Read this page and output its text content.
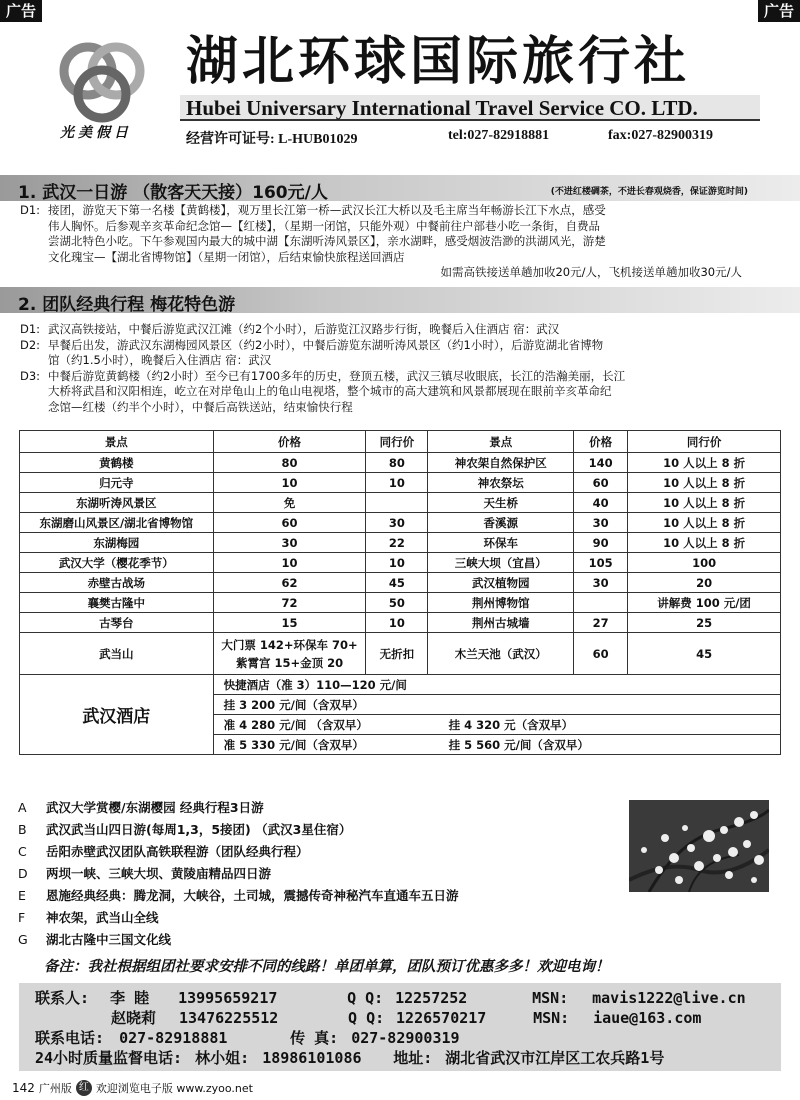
广告	广告
光美假日
湖北环球国际旅行社
Hubei Universary International Travel Service CO. LTD.
经营许可证号: L-HUB01029	tel:027-82918881	fax:027-82900319
1. 武汉一日游 （散客天天接）160元/人	(不进红楼碉茶，不进长春观烧香，保证游览时间)
D1: 接团，游览天下第一名楼【黄鹤楼】，观万里长江第一桥—武汉长江大桥以及毛主席当年畅游长江下水点，感受
伟人胸怀。后参观辛亥革命纪念馆—【红楼】，（星期一闭馆，只能外观）中餐前往户部巷小吃一条街，自费品
尝湖北特色小吃。下午参观国内最大的城中湖【东湖听涛风景区】，亲水湖畔，感受烟波浩渺的洪湖风光，游楚
文化瑰宝—【湖北省博物馆】（星期一闭馆），后结束愉快旅程送回酒店
如需高铁接送单趟加收20元/人，飞机接送单趟加收30元/人
2. 团队经典行程 梅花特色游
D1: 武汉高铁接站，中餐后游览武汉江滩（约2个小时），后游览江汉路步行街，晚餐后入住酒店 宿：武汉
D2: 早餐后出发，游武汉东湖梅园风景区（约2小时），中餐后游览东湖听涛风景区（约1小时），后游览湖北省博物
馆（约1.5小时），晚餐后入住酒店 宿：武汉
D3: 中餐后游览黄鹤楼（约2小时）至今已有1700多年的历史，登顶五楼，武汉三镇尽收眼底，长江的浩瀚美丽，长江
大桥将武昌和汉阳相连，屹立在对岸龟山上的龟山电视塔，整个城市的高大建筑和风景都展现在眼前辛亥革命纪
念馆—红楼（约半个小时），中餐后高铁送站，结束愉快行程
景点	价格	同行价	景点	价格	同行价
黄鹤楼	80	80	神农架自然保护区	140	10 人以上 8 折
归元寺	10	10	神农祭坛	60	10 人以上 8 折
东湖听涛风景区	免		天生桥	40	10 人以上 8 折
东湖磨山风景区/湖北省博物馆	60	30	香溪源	30	10 人以上 8 折
东湖梅园	30	22	环保车	90	10 人以上 8 折
武汉大学（樱花季节）	10	10	三峡大坝（宜昌）	105	100
赤壁古战场	62	45	武汉植物园	30	20
襄樊古隆中	72	50	荆州博物馆		讲解费 100 元/团
古琴台	15	10	荆州古城墙	27	25
武当山	大门票 142+环保车 70+
紫霄宫 15+金顶 20	无折扣	木兰天池（武汉）	60	45
武汉酒店	快捷酒店（准 3）110—120 元/间				
	挂 3 200 元/间（含双早）				
	准 4 280 元/间 （含双早） 挂 4 320 元（含双早）				
	准 5 330 元/间（含双早） 挂 5 560 元/间（含双早）				
A	武汉大学赏樱/东湖樱园 经典行程3日游
B	武汉武当山四日游(每周1,3，5接团) （武汉3星住宿）
C	岳阳赤壁武汉团队高铁联程游（团队经典行程）
D	两坝一峡、三峡大坝、黄陵庙精品四日游
E	恩施经典经典：腾龙洞，大峡谷，土司城，震撼传奇神秘汽车直通车五日游
F	神农架，武当山全线
G	湖北古隆中三国文化线
备注：我社根据组团社要求安排不同的线路！单团单算，团队预订优惠多多！欢迎电询！
联系人: 李 睦 13995659217	Q Q: 12257252	MSN: mavis1222@live.cn
赵晓莉 13476225512	Q Q: 1226570217	MSN: iaue@163.com
联系电话: 027-82918881	传 真: 027-82900319
24小时质量监督电话: 林小姐: 18986101086 地址: 湖北省武汉市江岸区工农兵路1号
142 广州版 红 欢迎浏览电子版 www.zyoo.net
